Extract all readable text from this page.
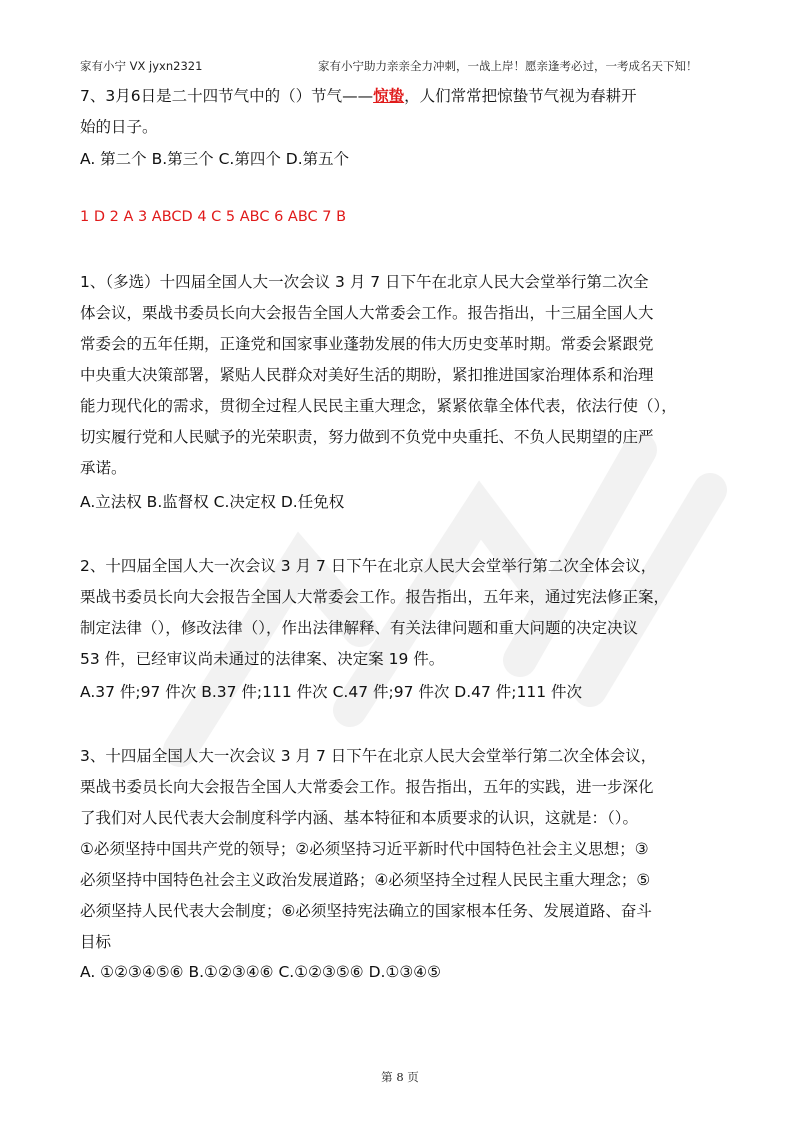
家有小宁 VX jyxn2321	家有小宁助力亲亲全力冲刺，一战上岸！愿亲逢考必过，一考成名天下知！
7、3月6日是二十四节气中的（）节气——惊蛰，人们常常把惊蛰节气视为春耕开
始的日子。
A. 第二个 B.第三个 C.第四个 D.第五个
1 D 2 A 3 ABCD 4 C 5 ABC 6 ABC 7 B
1、（多选）十四届全国人大一次会议 3 月 7 日下午在北京人民大会堂举行第二次全
体会议，栗战书委员长向大会报告全国人大常委会工作。报告指出，十三届全国人大
常委会的五年任期，正逢党和国家事业蓬勃发展的伟大历史变革时期。常委会紧跟党
中央重大决策部署，紧贴人民群众对美好生活的期盼，紧扣推进国家治理体系和治理
能力现代化的需求，贯彻全过程人民民主重大理念，紧紧依靠全体代表，依法行使（），
切实履行党和人民赋予的光荣职责，努力做到不负党中央重托、不负人民期望的庄严
承诺。
A.立法权 B.监督权 C.决定权 D.任免权
2、十四届全国人大一次会议 3 月 7 日下午在北京人民大会堂举行第二次全体会议，
栗战书委员长向大会报告全国人大常委会工作。报告指出，五年来，通过宪法修正案，
制定法律（），修改法律（），作出法律解释、有关法律问题和重大问题的决定决议
53 件，已经审议尚未通过的法律案、决定案 19 件。
A.37 件;97 件次 B.37 件;111 件次 C.47 件;97 件次 D.47 件;111 件次
3、十四届全国人大一次会议 3 月 7 日下午在北京人民大会堂举行第二次全体会议，
栗战书委员长向大会报告全国人大常委会工作。报告指出，五年的实践，进一步深化
了我们对人民代表大会制度科学内涵、基本特征和本质要求的认识，这就是：（）。
①必须坚持中国共产党的领导；②必须坚持习近平新时代中国特色社会主义思想；③
必须坚持中国特色社会主义政治发展道路；④必须坚持全过程人民民主重大理念；⑤
必须坚持人民代表大会制度；⑥必须坚持宪法确立的国家根本任务、发展道路、奋斗
目标
A. ①②③④⑤⑥ B.①②③④⑥ C.①②③⑤⑥ D.①③④⑤
第 8 页
